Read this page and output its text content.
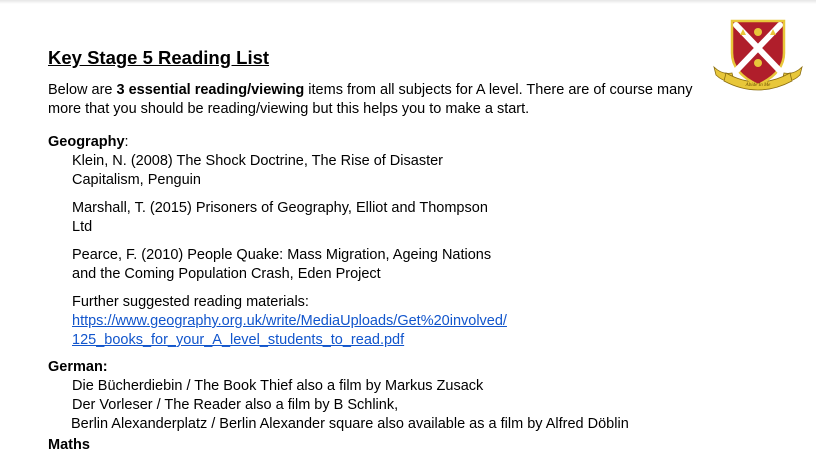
Key Stage 5 Reading List

Below are 3 essential reading/viewing items from all subjects for A level. There are of course many more that you should be reading/viewing but this helps you to make a start.

Geography:
Klein, N. (2008) The Shock Doctrine, The Rise of Disaster Capitalism, Penguin
Marshall, T. (2015) Prisoners of Geography, Elliot and Thompson Ltd
Pearce, F. (2010) People Quake: Mass Migration, Ageing Nations and the Coming Population Crash, Eden Project
Further suggested reading materials:
https://www.geography.org.uk/write/MediaUploads/Get%20involved/
125_books_for_your_A_level_students_to_read.pdf
German:
Die Bücherdiebin / The Book Thief also a film by Markus Zusack
Der Vorleser / The Reader also a film by B Schlink,
Berlin Alexanderplatz / Berlin Alexander square also available as a film by Alfred Döblin
Maths
Abide In Me
